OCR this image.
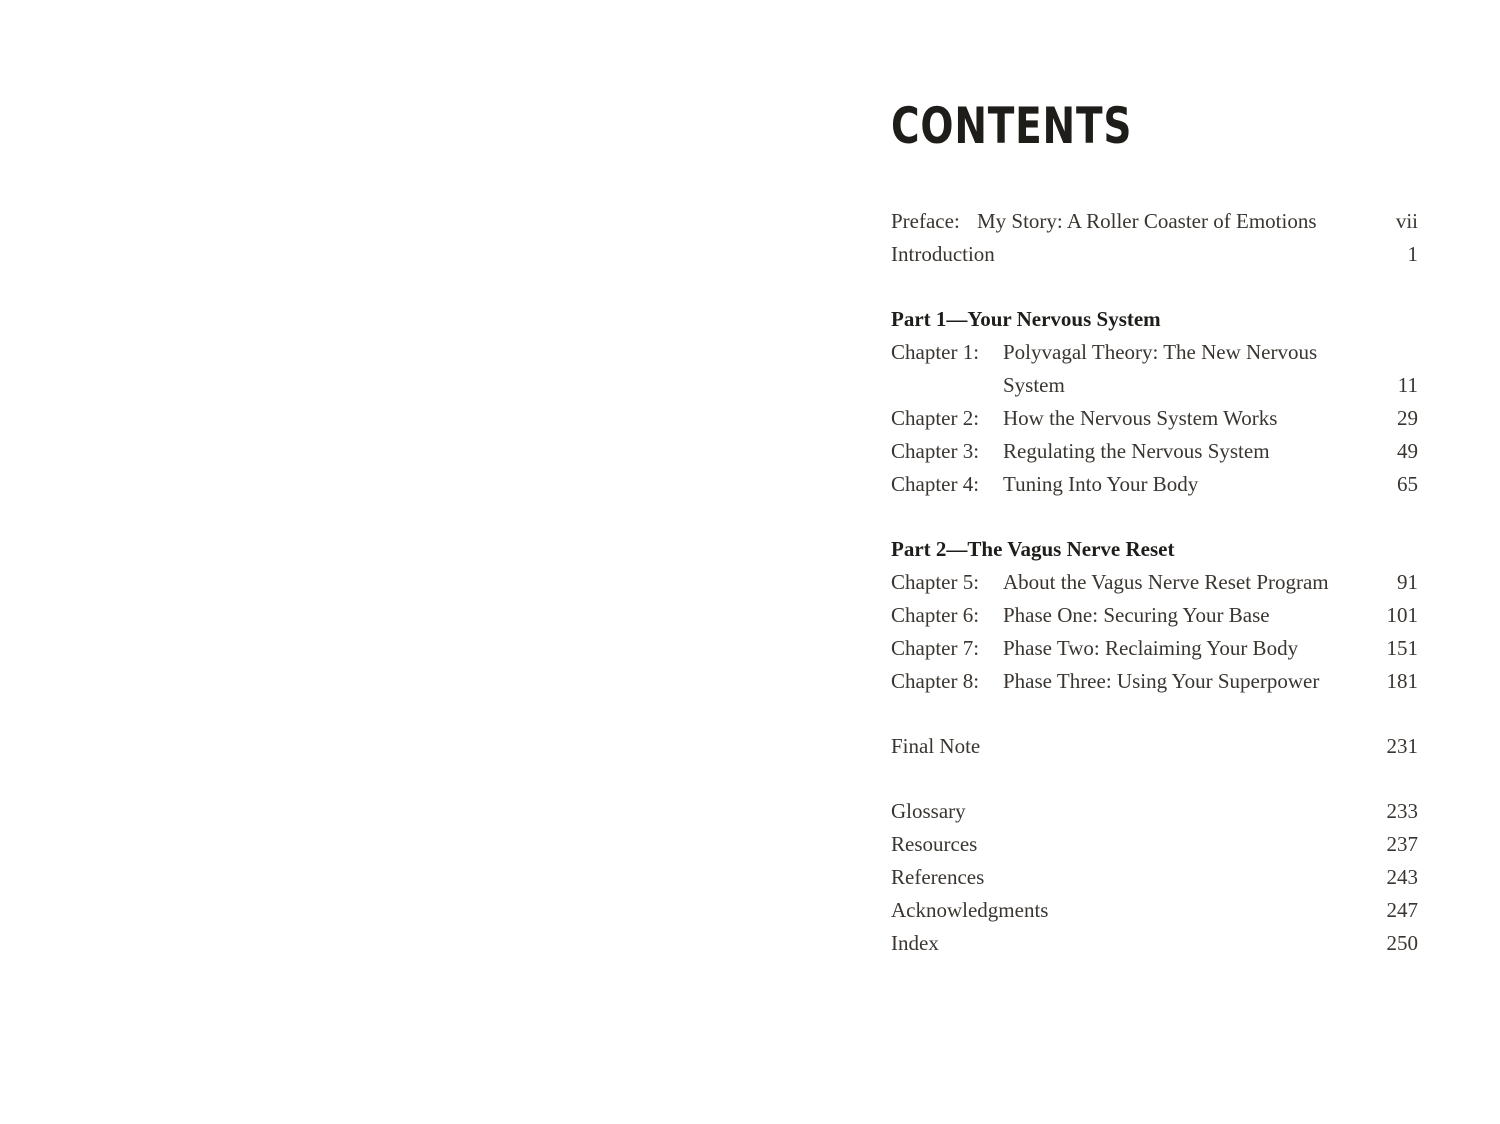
CONTENTS
Preface: My Story: A Roller Coaster of Emotions	vii
Introduction	1
Part 1—Your Nervous System
Chapter 1: Polyvagal Theory: The New Nervous
System	11
Chapter 2: How the Nervous System Works	29
Chapter 3: Regulating the Nervous System	49
Chapter 4: Tuning Into Your Body	65
Part 2—The Vagus Nerve Reset
Chapter 5: About the Vagus Nerve Reset Program	91
Chapter 6: Phase One: Securing Your Base	101
Chapter 7: Phase Two: Reclaiming Your Body	151
Chapter 8: Phase Three: Using Your Superpower	181
Final Note	231
Glossary	233
Resources	237
References	243
Acknowledgments	247
Index	250
